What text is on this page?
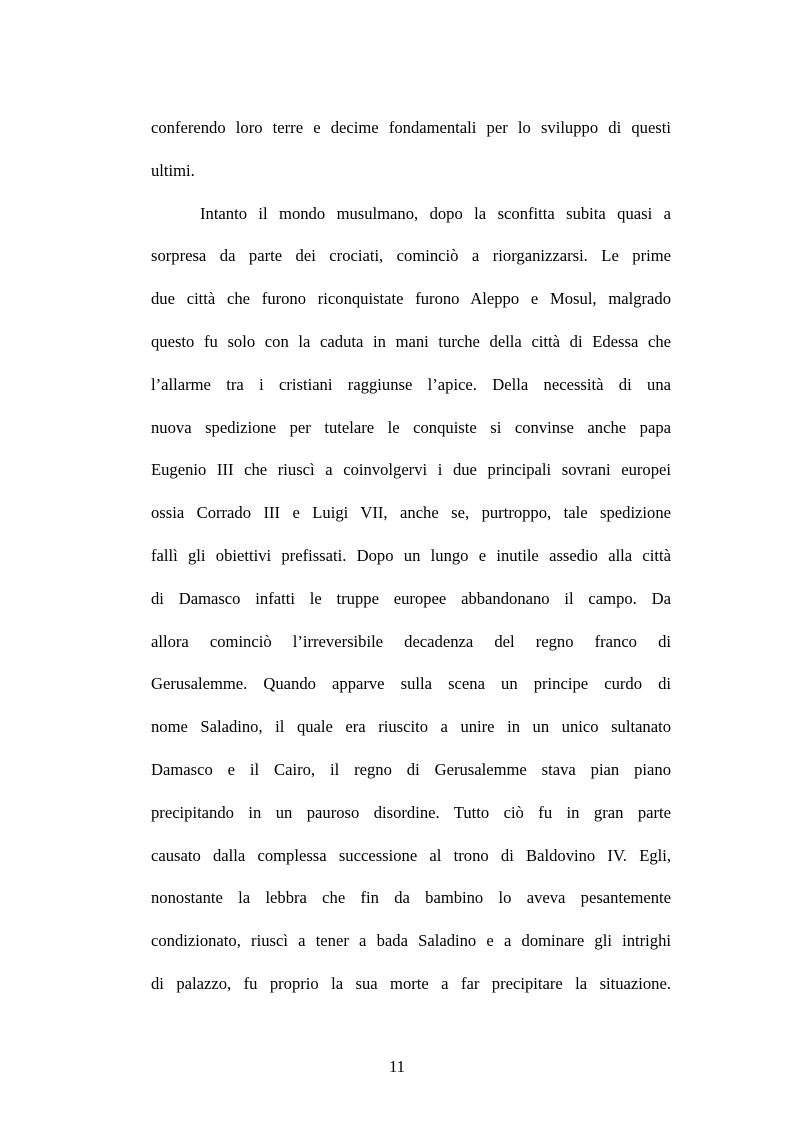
conferendo loro terre e decime fondamentali per lo sviluppo di questi
ultimi.
Intanto il mondo musulmano, dopo la sconfitta subita quasi a
sorpresa da parte dei crociati, cominciò a riorganizzarsi. Le prime
due città che furono riconquistate furono Aleppo e Mosul, malgrado
questo fu solo con la caduta in mani turche della città di Edessa che
l’allarme tra i cristiani raggiunse l’apice. Della necessità di una
nuova spedizione per tutelare le conquiste si convinse anche papa
Eugenio III che riuscì a coinvolgervi i due principali sovrani europei
ossia Corrado III e Luigi VII, anche se, purtroppo, tale spedizione
fallì gli obiettivi prefissati. Dopo un lungo e inutile assedio alla città
di Damasco infatti le truppe europee abbandonano il campo. Da
allora cominciò l’irreversibile decadenza del regno franco di
Gerusalemme. Quando apparve sulla scena un principe curdo di
nome Saladino, il quale era riuscito a unire in un unico sultanato
Damasco e il Cairo, il regno di Gerusalemme stava pian piano
precipitando in un pauroso disordine. Tutto ciò fu in gran parte
causato dalla complessa successione al trono di Baldovino IV. Egli,
nonostante la lebbra che fin da bambino lo aveva pesantemente
condizionato, riuscì a tener a bada Saladino e a dominare gli intrighi
di palazzo, fu proprio la sua morte a far precipitare la situazione.
11
